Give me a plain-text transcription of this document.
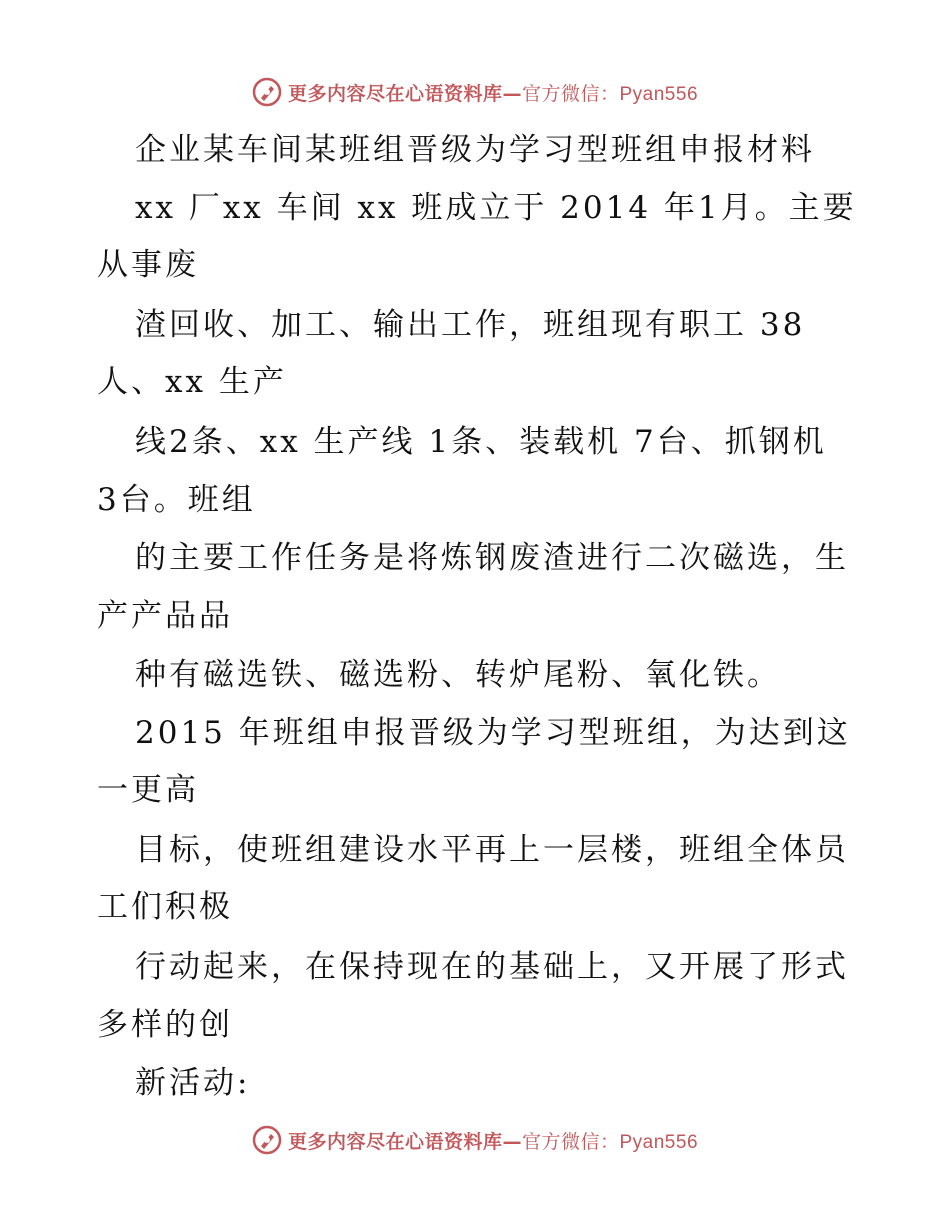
更多内容尽在心语资料库—官方微信：Pyan556
企业某车间某班组晋级为学习型班组申报材料
xx 厂xx 车间 xx 班成立于 2014 年1月。主要
从事废
渣回收、加工、输出工作，班组现有职工 38
人、xx 生产
线2条、xx 生产线 1条、装载机 7台、抓钢机
3台。班组
的主要工作任务是将炼钢废渣进行二次磁选，生
产产品品
种有磁选铁、磁选粉、转炉尾粉、氧化铁。
2015 年班组申报晋级为学习型班组，为达到这
一更高
目标，使班组建设水平再上一层楼，班组全体员
工们积极
行动起来，在保持现在的基础上，又开展了形式
多样的创
新活动:
更多内容尽在心语资料库—官方微信：Pyan556
